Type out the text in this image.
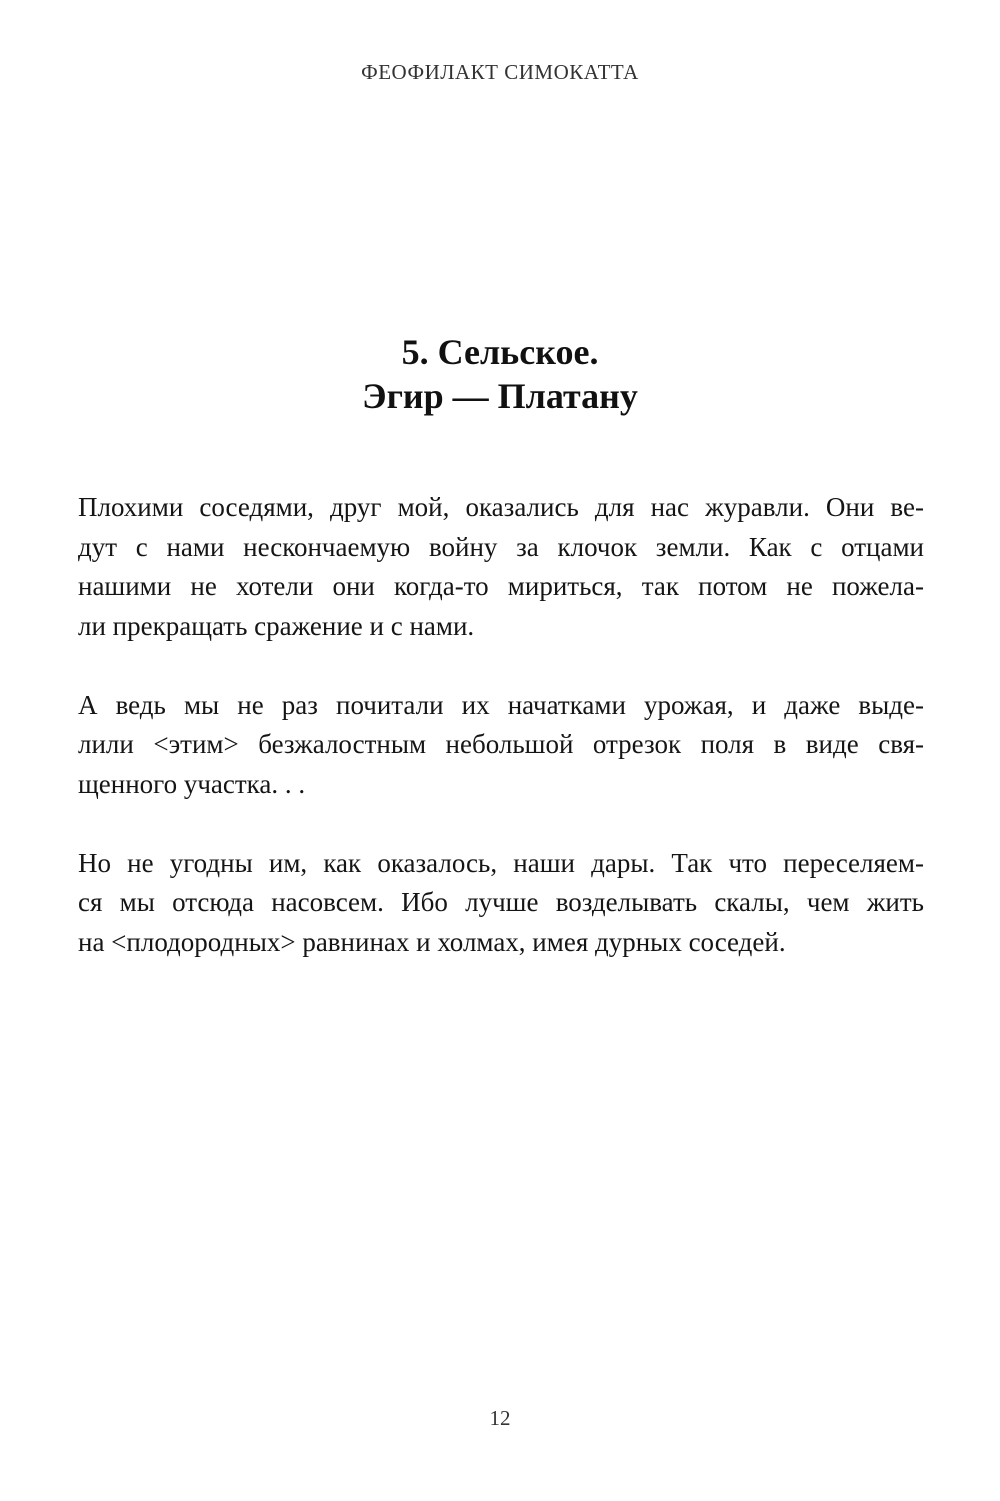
ФЕОФИЛАКТ СИМОКАТТА
5. Сельское.
Эгир — Платану
Плохими соседями, друг мой, оказались для нас журавли. Они ве-
дут с нами нескончаемую войну за клочок земли. Как с отцами
нашими не хотели они когда-то мириться, так потом не пожела-
ли прекращать сражение и с нами.
А ведь мы не раз почитали их начатками урожая, и даже выде-
лили <этим> безжалостным небольшой отрезок поля в виде свя-
щенного участка. . .
Но не угодны им, как оказалось, наши дары. Так что переселяем-
ся мы отсюда насовсем. Ибо лучше возделывать скалы, чем жить
на <плодородных> равнинах и холмах, имея дурных соседей.
12
